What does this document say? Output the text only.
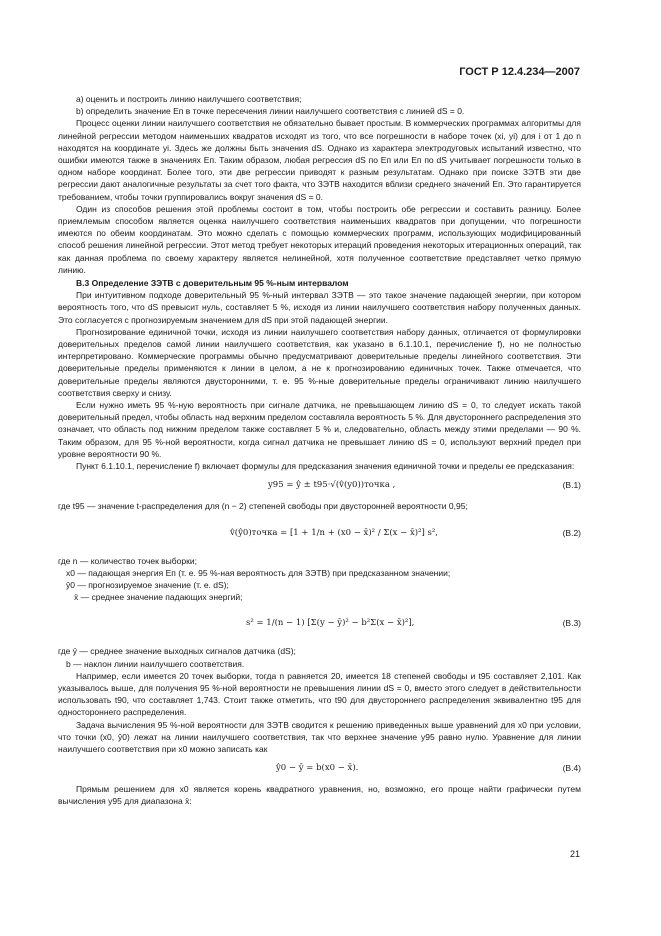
ГОСТ Р 12.4.234—2007

а) оценить и построить линию наилучшего соответствия;

b) определить значение Eп в точке пересечения линии наилучшего соответствия с линией dS = 0.

Процесс оценки линии наилучшего соответствия не обязательно бывает простым. В коммерческих программах алгоритмы для линейной регрессии методом наименьших квадратов исходят из того, что все погрешности в наборе точек (xi, yi) для i от 1 до n находятся на координате yi. Здесь же должны быть значения dS. Однако из характера электродуговых испытаний известно, что ошибки имеются также в значениях Eп. Таким образом, любая регрессия dS по Eп или Eп по dS учитывает погрешности только в одном наборе координат. Более того, эти две регрессии приводят к разным результатам. Однако при поиске ЗЭТВ эти две регрессии дают аналогичные результаты за счет того факта, что ЗЭТВ находится вблизи среднего значений Eп. Это гарантируется требованием, чтобы точки группировались вокруг значения dS = 0.

Один из способов решения этой проблемы состоит в том, чтобы построить обе регрессии и составить разницу. Более приемлемым способом является оценка наилучшего соответствия наименьших квадратов при допущении, что погрешности имеются по обеим координатам. Это можно сделать с помощью коммерческих программ, использующих модифицированный способ решения линейной регрессии. Этот метод требует некоторых итераций проведения некоторых итерационных операций, так как данная проблема по своему характеру является нелинейной, хотя полученное соответствие представляет четко прямую линию.

В.3 Определение ЗЭТВ с доверительным 95 %-ным интервалом

При интуитивном подходе доверительный 95 %-ный интервал ЗЭТВ — это такое значение падающей энергии, при котором вероятность того, что dS превысит нуль, составляет 5 %, исходя из линии наилучшего соответствия набору полученных данных. Это согласуется с прогнозируемым значением для dS при этой падающей энергии.

Прогнозирование единичной точки, исходя из линии наилучшего соответствия набору данных, отличается от формулировки доверительных пределов самой линии наилучшего соответствия, как указано в 6.1.10.1, перечисление f), но не полностью интерпретировано. Коммерческие программы обычно предусматривают доверительные пределы линейного соответствия. Эти доверительные пределы применяются к линии в целом, а не к прогнозированию единичных точек. Также отмечается, что доверительные пределы являются двусторонними, т. е. 95 %-ные доверительные пределы ограничивают линию наилучшего соответствия сверху и снизу.

Если нужно иметь 95 %-ную вероятность при сигнале датчика, не превышающем линию dS = 0, то следует искать такой доверительный предел, чтобы область над верхним пределом составляла вероятность 5 %. Для двустороннего распределения это означает, что область под нижним пределом также составляет 5 % и, следовательно, область между этими пределами — 90 %. Таким образом, для 95 %-ной вероятности, когда сигнал датчика не превышает линию dS = 0, используют верхний предел при уровне вероятности 90 %.

Пункт 6.1.10.1, перечисление f) включает формулы для предсказания значения единичной точки и пределы ее предсказания:

y95 = ŷ ± t95·√(v̂(y0))точка ,	(В.1)

где t95 — значение t-распределения для (n − 2) степеней свободы при двусторонней вероятности 0,95;

v̂(ŷ0)точка = [1 + 1/n + (x0 − x̄)² / Σ(x − x̄)²] s²,	(В.2)

где n — количество точек выборки;

x0 — падающая энергия Eп (т. е. 95 %-ная вероятность для ЗЭТВ) при предсказанном значении;

ŷ0 — прогнозируемое значение (т. е. dS);

x̄ — среднее значение падающих энергий;

s² = 1/(n − 1) [Σ(y − ȳ)² − b²Σ(x − x̄)²],	(В.3)

где ȳ — среднее значение выходных сигналов датчика (dS);

b — наклон линии наилучшего соответствия.

Например, если имеется 20 точек выборки, тогда n равняется 20, имеется 18 степеней свободы и t95 составляет 2,101. Как указывалось выше, для получения 95 %-ной вероятности не превышения линии dS = 0, вместо этого следует в действительности использовать t90, что составляет 1,743. Стоит также отметить, что t90 для двустороннего распределения эквивалентно t95 для одностороннего распределения.

Задача вычисления 95 %-ной вероятности для ЗЭТВ сводится к решению приведенных выше уравнений для x0 при условии, что точки (x0, ŷ0) лежат на линии наилучшего соответствия, так что верхнее значение y95 равно нулю. Уравнение для линии наилучшего соответствия при x0 можно записать как

ŷ0 − ȳ = b(x0 − x̄).	(В.4)

Прямым решением для x0 является корень квадратного уравнения, но, возможно, его проще найти графически путем вычисления y95 для диапазона x̄:

21
